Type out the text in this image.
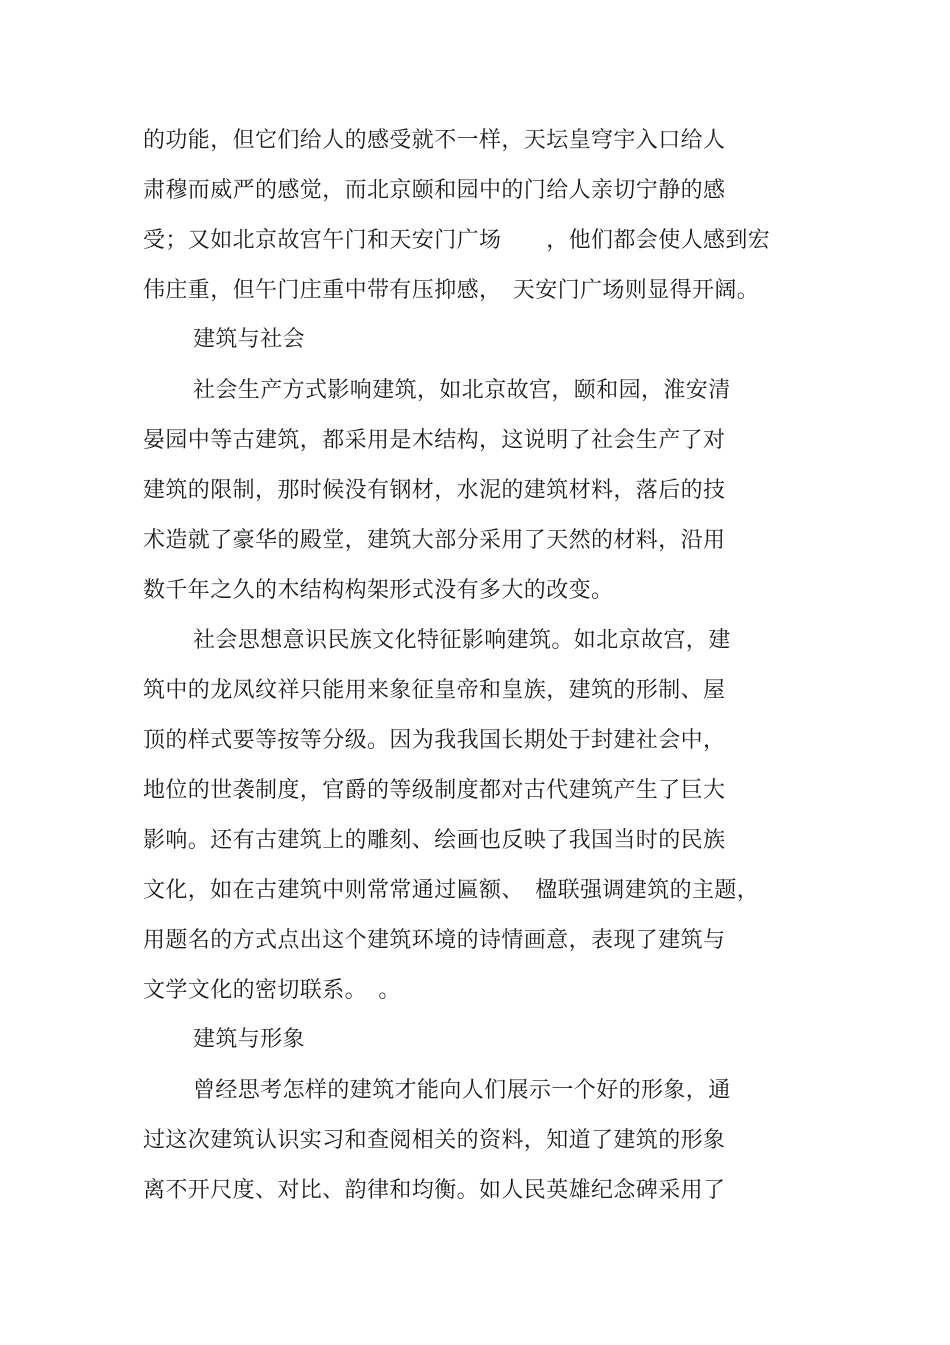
的功能，但它们给人的感受就不一样，天坛皇穹宇入口给人
肃穆而威严的感觉，而北京颐和园中的门给人亲切宁静的感
受；又如北京故宫午门和天安门广场　　，他们都会使人感到宏
伟庄重，但午门庄重中带有压抑感，　天安门广场则显得开阔。
建筑与社会
社会生产方式影响建筑，如北京故宫，颐和园，淮安清
晏园中等古建筑，都采用是木结构，这说明了社会生产了对
建筑的限制，那时候没有钢材，水泥的建筑材料，落后的技
术造就了豪华的殿堂，建筑大部分采用了天然的材料，沿用
数千年之久的木结构构架形式没有多大的改变。
社会思想意识民族文化特征影响建筑。如北京故宫，建
筑中的龙凤纹祥只能用来象征皇帝和皇族，建筑的形制、屋
顶的样式要等按等分级。因为我我国长期处于封建社会中，
地位的世袭制度，官爵的等级制度都对古代建筑产生了巨大
影响。还有古建筑上的雕刻、绘画也反映了我国当时的民族
文化，如在古建筑中则常常通过匾额、　楹联强调建筑的主题，
用题名的方式点出这个建筑环境的诗情画意，表现了建筑与
文学文化的密切联系。　。
建筑与形象
曾经思考怎样的建筑才能向人们展示一个好的形象，通
过这次建筑认识实习和查阅相关的资料，知道了建筑的形象
离不开尺度、对比、韵律和均衡。如人民英雄纪念碑采用了
